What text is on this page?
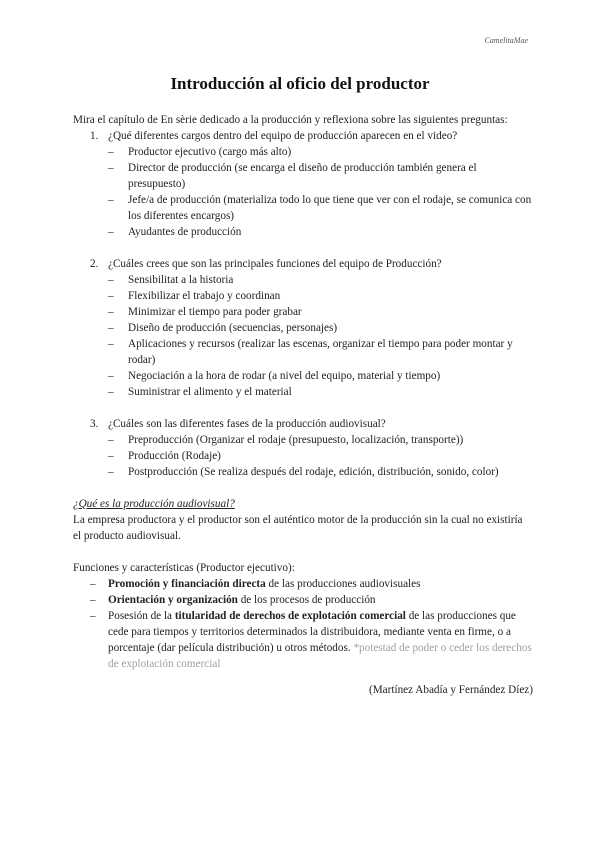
CamelitaMae
Introducción al oficio del productor

Mira el capítulo de En sèrie dedicado a la producción y reflexiona sobre las siguientes preguntas:

1. ¿Qué diferentes cargos dentro del equipo de producción aparecen en el video?
– Productor ejecutivo (cargo más alto)
– Director de producción (se encarga el diseño de producción también genera el presupuesto)
– Jefe/a de producción (materializa todo lo que tiene que ver con el rodaje, se comunica con los diferentes encargos)
– Ayudantes de producción
2. ¿Cuáles crees que son las principales funciones del equipo de Producción?
– Sensibilitat a la historia
– Flexibilizar el trabajo y coordinan
– Minimizar el tiempo para poder grabar
– Diseño de producción (secuencias, personajes)
– Aplicaciones y recursos (realizar las escenas, organizar el tiempo para poder montar y rodar)
– Negociación a la hora de rodar (a nivel del equipo, material y tiempo)
– Suministrar el alimento y el material
3. ¿Cuáles son las diferentes fases de la producción audiovisual?
– Preproducción (Organizar el rodaje (presupuesto, localización, transporte))
– Producción (Rodaje)
– Postproducción (Se realiza después del rodaje, edición, distribución, sonido, color)

¿Qué es la producción audiovisual?

La empresa productora y el productor son el auténtico motor de la producción sin la cual no existiría el producto audiovisual.

Funciones y características (Productor ejecutivo):

– Promoción y financiación directa de las producciones audiovisuales
– Orientación y organización de los procesos de producción
– Posesión de la titularidad de derechos de explotación comercial de las producciones que cede para tiempos y territorios determinados la distribuidora, mediante venta en firme, o a porcentaje (dar película distribución) u otros métodos. *potestad de poder o ceder los derechos de explotación comercial

(Martínez Abadía y Fernández Díez)
